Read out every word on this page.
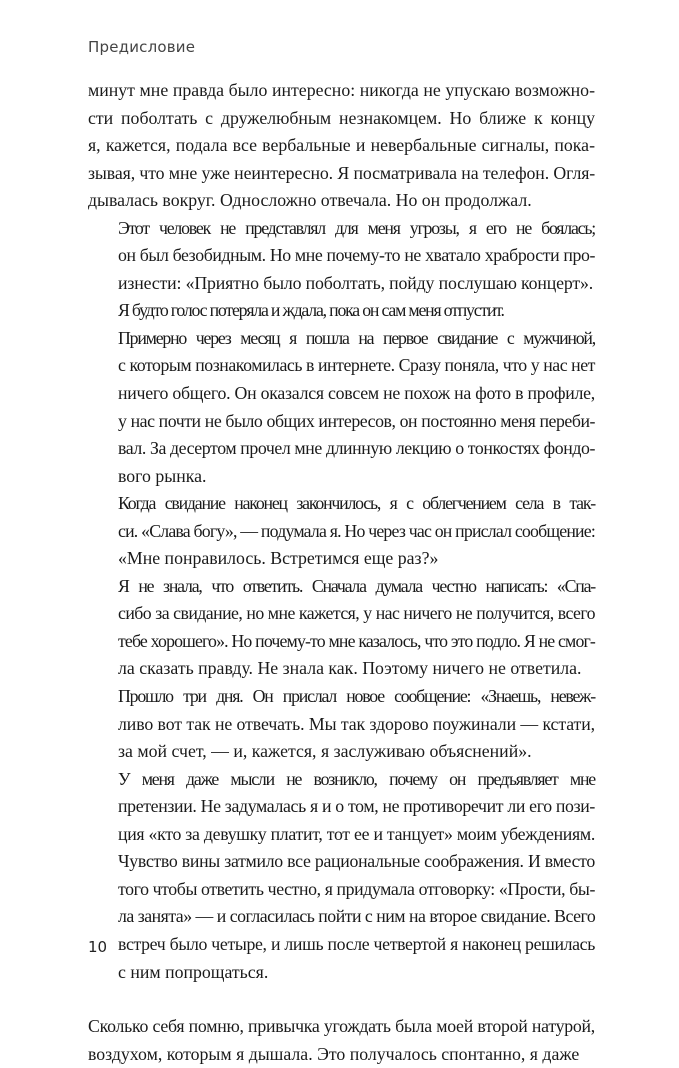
Предисловие

минут мне правда было интересно: никогда не упускаю возможно-
сти поболтать с дружелюбным незнакомцем. Но ближе к концу
я, кажется, подала все вербальные и невербальные сигналы, пока-
зывая, что мне уже неинтересно. Я посматривала на телефон. Огля-
дывалась вокруг. Односложно отвечала. Но он продолжал.

Этот человек не представлял для меня угрозы, я его не боялась;
он был безобидным. Но мне почему-то не хватало храбрости про-
изнести: «Приятно было поболтать, пойду послушаю концерт».

Я будто голос потеряла и ждала, пока он сам меня отпустит.

Примерно через месяц я пошла на первое свидание с мужчиной,
с которым познакомилась в интернете. Сразу поняла, что у нас нет
ничего общего. Он оказался совсем не похож на фото в профиле,
у нас почти не было общих интересов, он постоянно меня переби-
вал. За десертом прочел мне длинную лекцию о тонкостях фондо-
вого рынка.

Когда свидание наконец закончилось, я с облегчением села в так-
си. «Слава богу», — подумала я. Но через час он прислал сообщение:
«Мне понравилось. Встретимся еще раз?»

Я не знала, что ответить. Сначала думала честно написать: «Спа-
сибо за свидание, но мне кажется, у нас ничего не получится, всего
тебе хорошего». Но почему-то мне казалось, что это подло. Я не смог-
ла сказать правду. Не знала как. Поэтому ничего не ответила.

Прошло три дня. Он прислал новое сообщение: «Знаешь, невеж-
ливо вот так не отвечать. Мы так здорово поужинали — кстати,
за мой счет, — и, кажется, я заслуживаю объяснений».

У меня даже мысли не возникло, почему он предъявляет мне
претензии. Не задумалась я и о том, не противоречит ли его пози-
ция «кто за девушку платит, тот ее и танцует» моим убеждениям.
Чувство вины затмило все рациональные соображения. И вместо
того чтобы ответить честно, я придумала отговорку: «Прости, бы-
ла занята» — и согласилась пойти с ним на второе свидание. Всего
встреч было четыре, и лишь после четвертой я наконец решилась
с ним попрощаться.

Сколько себя помню, привычка угождать была моей второй натурой,
воздухом, которым я дышала. Это получалось спонтанно, я даже

10
